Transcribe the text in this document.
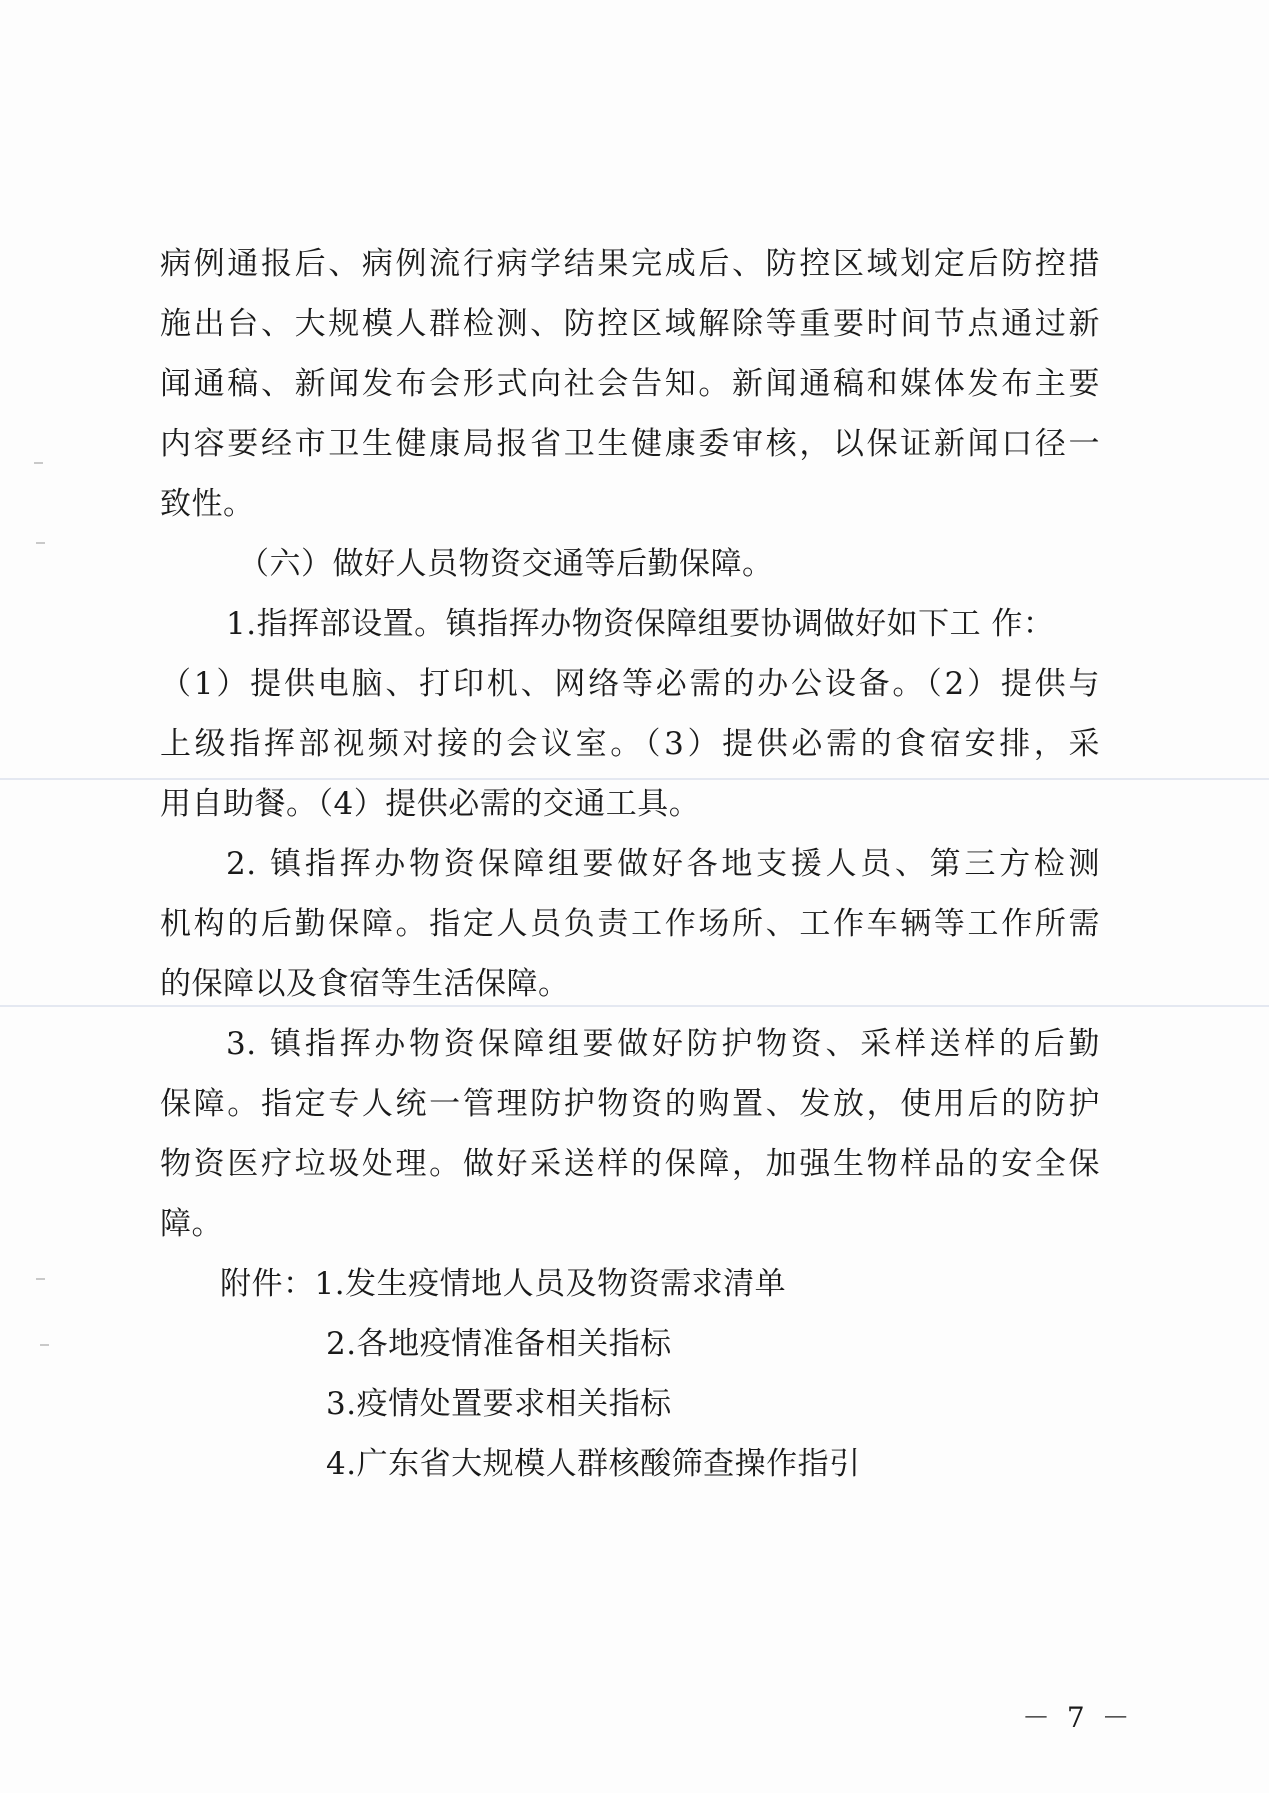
病例通报后、病例流行病学结果完成后、防控区域划定后防控措
施出台、大规模人群检测、防控区域解除等重要时间节点通过新
闻通稿、新闻发布会形式向社会告知。新闻通稿和媒体发布主要
内容要经市卫生健康局报省卫生健康委审核，以保证新闻口径一
致性。
（六）做好人员物资交通等后勤保障。
1.指挥部设置。镇指挥办物资保障组要协调做好如下工 作：
（1）提供电脑、打印机、网络等必需的办公设备。（2）提供与
上级指挥部视频对接的会议室。（3）提供必需的食宿安排，采
用自助餐。（4）提供必需的交通工具。
2. 镇指挥办物资保障组要做好各地支援人员、第三方检测
机构的后勤保障。指定人员负责工作场所、工作车辆等工作所需
的保障以及食宿等生活保障。
3. 镇指挥办物资保障组要做好防护物资、采样送样的后勤
保障。指定专人统一管理防护物资的购置、发放，使用后的防护
物资医疗垃圾处理。做好采送样的保障，加强生物样品的安全保
障。
附件：1.发生疫情地人员及物资需求清单
2.各地疫情准备相关指标
3.疫情处置要求相关指标
4.广东省大规模人群核酸筛查操作指引
－ 7 －
